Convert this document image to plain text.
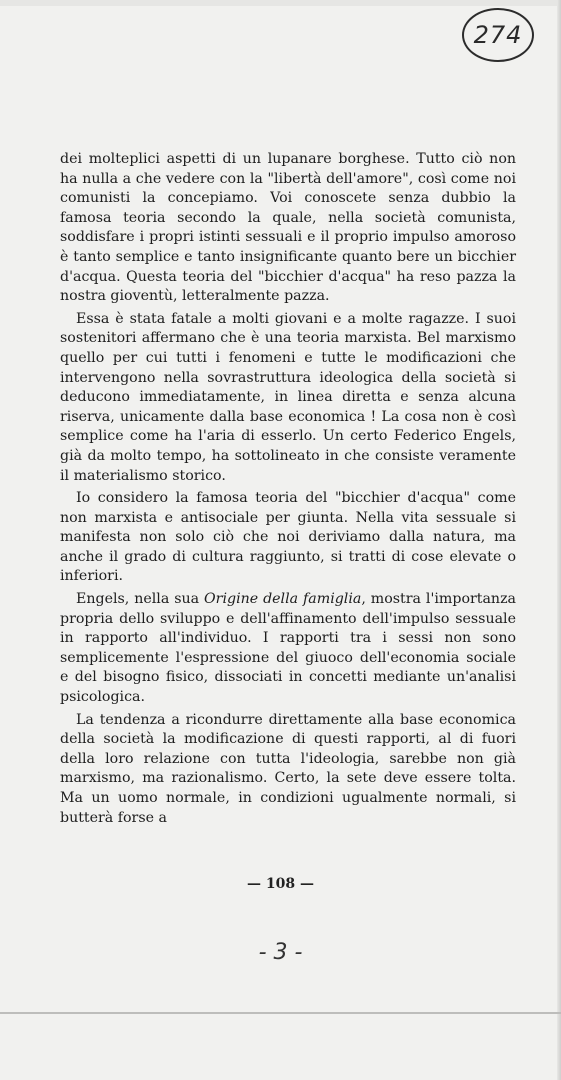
274

dei molteplici aspetti di un lupanare borghese. Tutto ciò non ha nulla a che vedere con la "libertà dell'amore", così come noi comunisti la concepiamo. Voi conoscete senza dubbio la famosa teoria secondo la quale, nella società comunista, soddisfare i propri istinti sessuali e il proprio impulso amoroso è tanto semplice e tanto insignificante quanto bere un bicchier d'acqua. Questa teoria del "bicchier d'acqua" ha reso pazza la nostra gioventù, letteralmente pazza.

Essa è stata fatale a molti giovani e a molte ragazze. I suoi sostenitori affermano che è una teoria marxista. Bel marxismo quello per cui tutti i fenomeni e tutte le modificazioni che intervengono nella sovrastruttura ideologica della società si deducono immediatamente, in linea diretta e senza alcuna riserva, unicamente dalla base economica ! La cosa non è così semplice come ha l'aria di esserlo. Un certo Federico Engels, già da molto tempo, ha sottolineato in che consiste veramente il materialismo storico.

Io considero la famosa teoria del "bicchier d'acqua" come non marxista e antisociale per giunta. Nella vita sessuale si manifesta non solo ciò che noi deriviamo dalla natura, ma anche il grado di cultura raggiunto, si tratti di cose elevate o inferiori.

Engels, nella sua Origine della famiglia, mostra l'importanza propria dello sviluppo e dell'affinamento dell'impulso sessuale in rapporto all'individuo. I rapporti tra i sessi non sono semplicemente l'espressione del giuoco dell'economia sociale e del bisogno fisico, dissociati in concetti mediante un'analisi psicologica.

La tendenza a ricondurre direttamente alla base economica della società la modificazione di questi rapporti, al di fuori della loro relazione con tutta l'ideologia, sarebbe non già marxismo, ma razionalismo. Certo, la sete deve essere tolta. Ma un uomo normale, in condizioni ugualmente normali, si butterà forse a

— 108 —
- 3 -
